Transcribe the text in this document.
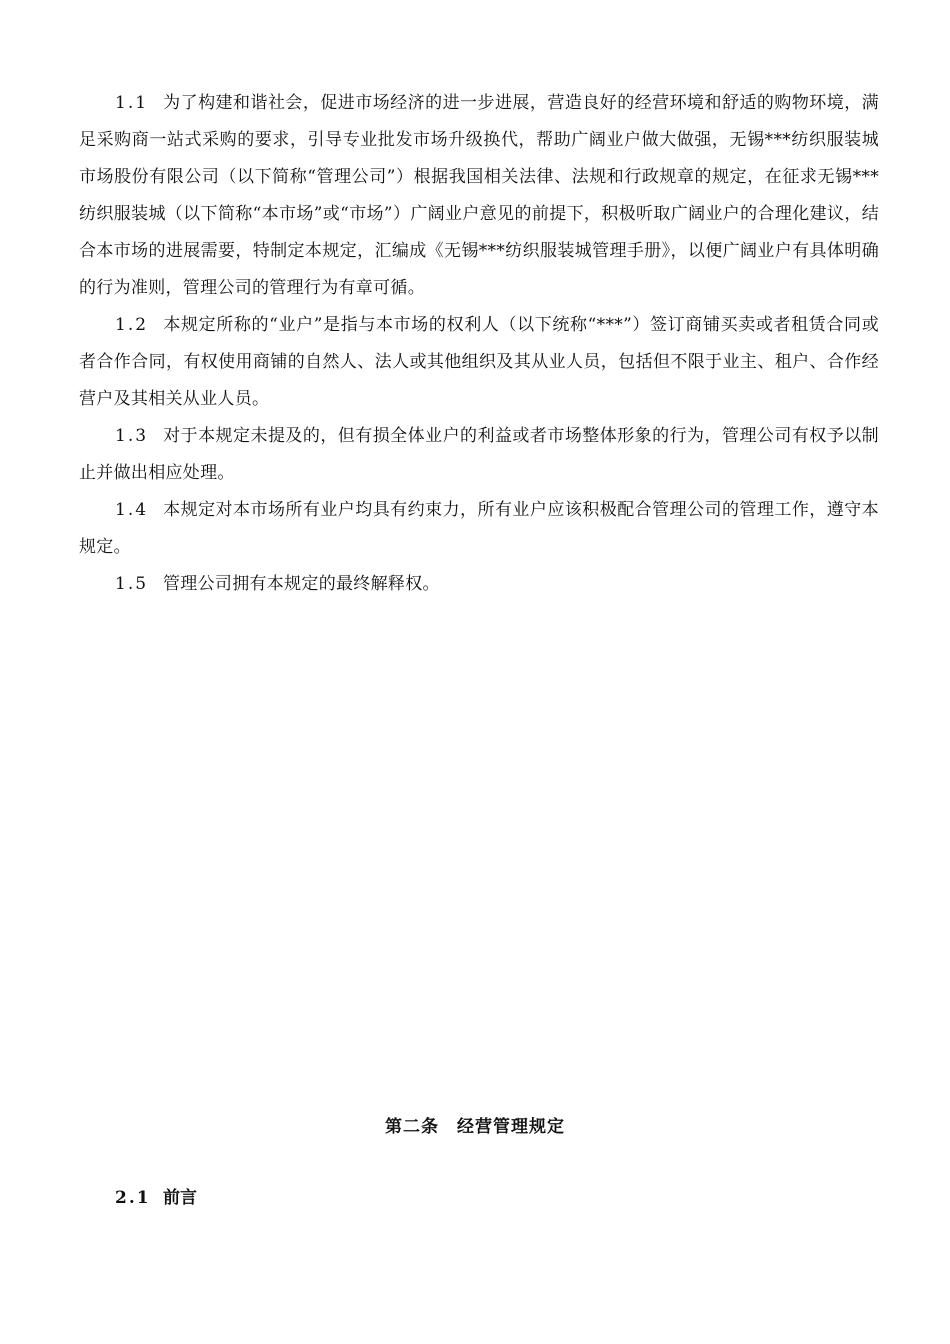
1.1 为了构建和谐社会，促进市场经济的进一步进展，营造良好的经营环境和舒适的购物环境，满足采购商一站式采购的要求，引导专业批发市场升级换代，帮助广阔业户做大做强，无锡***纺织服装城市场股份有限公司（以下简称“管理公司”）根据我国相关法律、法规和行政规章的规定，在征求无锡***纺织服装城（以下简称“本市场”或“市场”）广阔业户意见的前提下，积极听取广阔业户的合理化建议，结合本市场的进展需要，特制定本规定，汇编成《无锡***纺织服装城管理手册》，以便广阔业户有具体明确的行为准则，管理公司的管理行为有章可循。

1.2 本规定所称的“业户”是指与本市场的权利人（以下统称“***”）签订商铺买卖或者租赁合同或者合作合同，有权使用商铺的自然人、法人或其他组织及其从业人员，包括但不限于业主、租户、合作经营户及其相关从业人员。

1.3 对于本规定未提及的，但有损全体业户的利益或者市场整体形象的行为，管理公司有权予以制止并做出相应处理。

1.4 本规定对本市场所有业户均具有约束力，所有业户应该积极配合管理公司的管理工作，遵守本规定。

1.5 管理公司拥有本规定的最终解释权。

第二条　经营管理规定
2.1 前言
